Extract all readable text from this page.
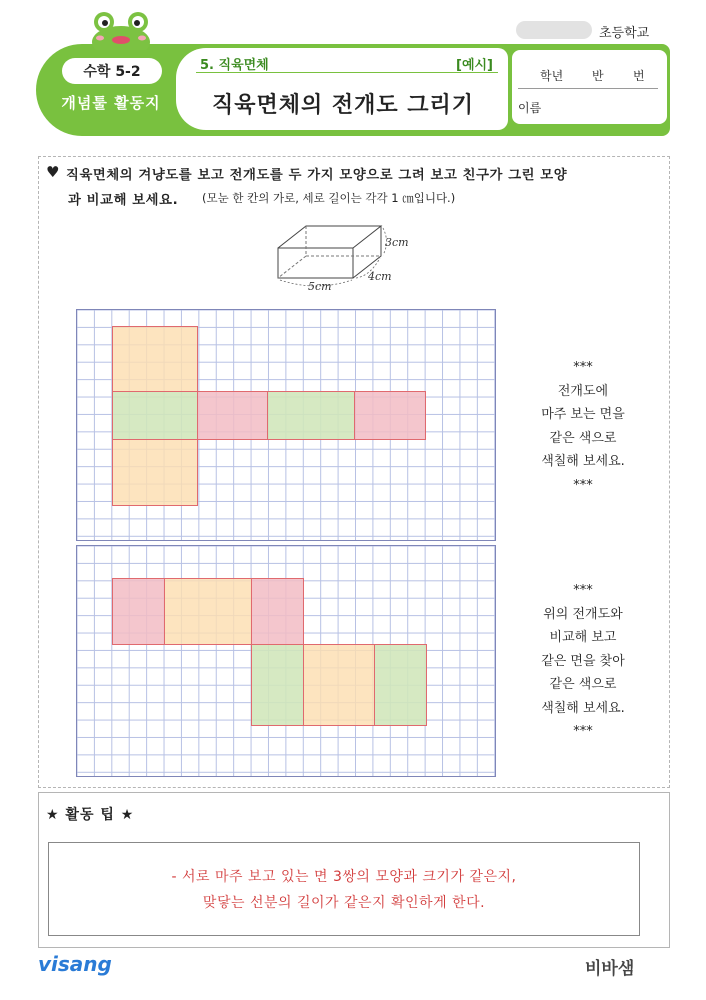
초등학교
수학 5-2
개념툴 활동지
5. 직육면체	[예시]
직육면체의 전개도 그리기
학년 반 번
이름
♥ 직육면체의 겨냥도를 보고 전개도를 두 가지 모양으로 그려 보고 친구가 그린 모양
과 비교해 보세요. (모눈 한 칸의 가로, 세로 길이는 각각 1 ㎝입니다.)
3cm
4cm
5cm
***
전개도에
마주 보는 면을
같은 색으로
색칠해 보세요.
***
***
위의 전개도와
비교해 보고
같은 면을 찾아
같은 색으로
색칠해 보세요.
***
★ 활동 팁 ★
- 서로 마주 보고 있는 면 3쌍의 모양과 크기가 같은지,
맞닿는 선분의 길이가 같은지 확인하게 한다.
visang	비바샘
